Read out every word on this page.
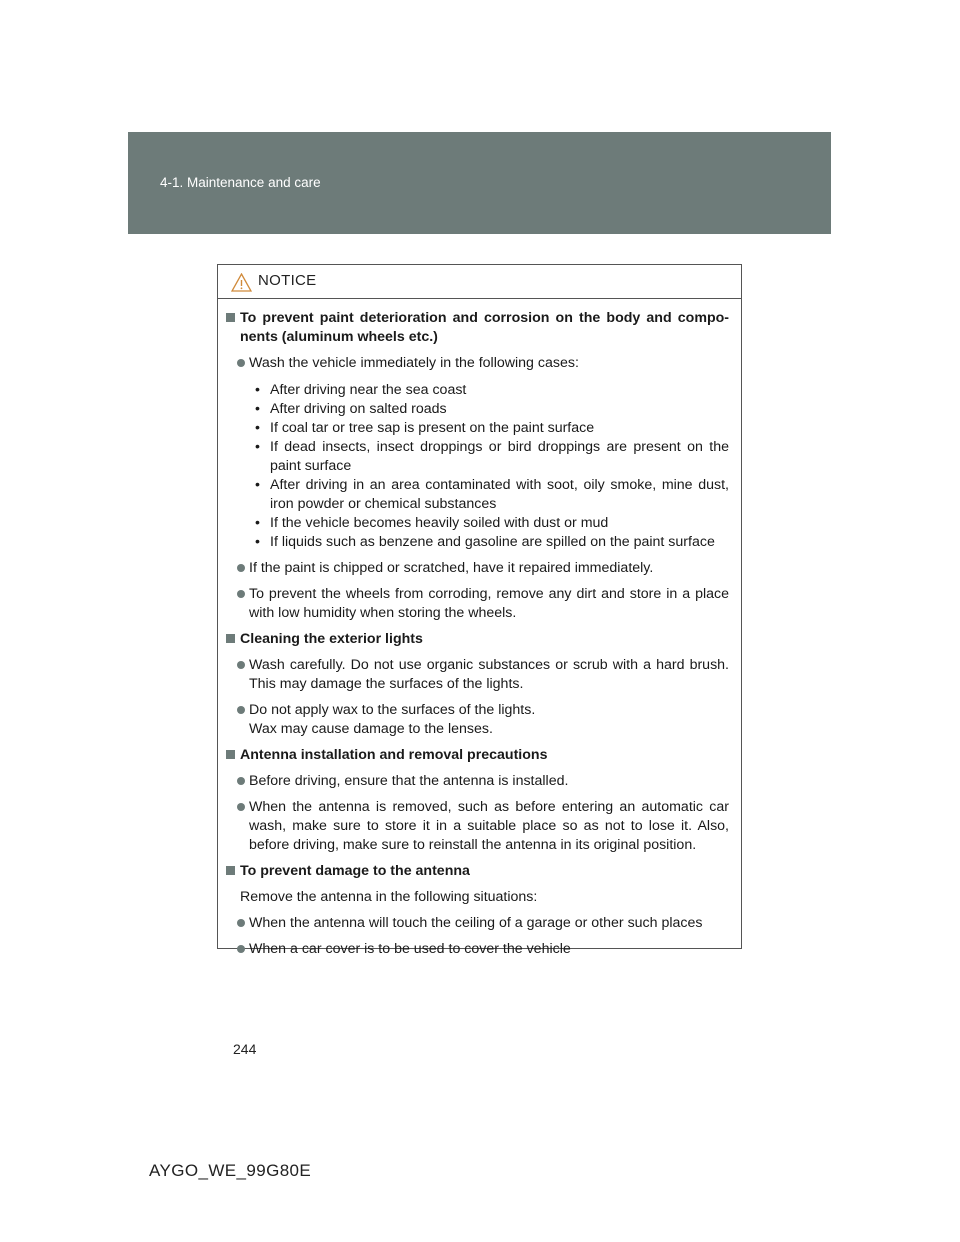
4-1. Maintenance and care
NOTICE
To prevent paint deterioration and corrosion on the body and compo-nents (aluminum wheels etc.)
Wash the vehicle immediately in the following cases:
• After driving near the sea coast
• After driving on salted roads
• If coal tar or tree sap is present on the paint surface
• If dead insects, insect droppings or bird droppings are present on the paint surface
• After driving in an area contaminated with soot, oily smoke, mine dust, iron powder or chemical substances
• If the vehicle becomes heavily soiled with dust or mud
• If liquids such as benzene and gasoline are spilled on the paint surface
If the paint is chipped or scratched, have it repaired immediately.
To prevent the wheels from corroding, remove any dirt and store in a place with low humidity when storing the wheels.
Cleaning the exterior lights
Wash carefully. Do not use organic substances or scrub with a hard brush. This may damage the surfaces of the lights.
Do not apply wax to the surfaces of the lights.
Wax may cause damage to the lenses.
Antenna installation and removal precautions
Before driving, ensure that the antenna is installed.
When the antenna is removed, such as before entering an automatic car wash, make sure to store it in a suitable place so as not to lose it. Also, before driving, make sure to reinstall the antenna in its original position.
To prevent damage to the antenna
Remove the antenna in the following situations:
When the antenna will touch the ceiling of a garage or other such places
When a car cover is to be used to cover the vehicle
244
AYGO_WE_99G80E
